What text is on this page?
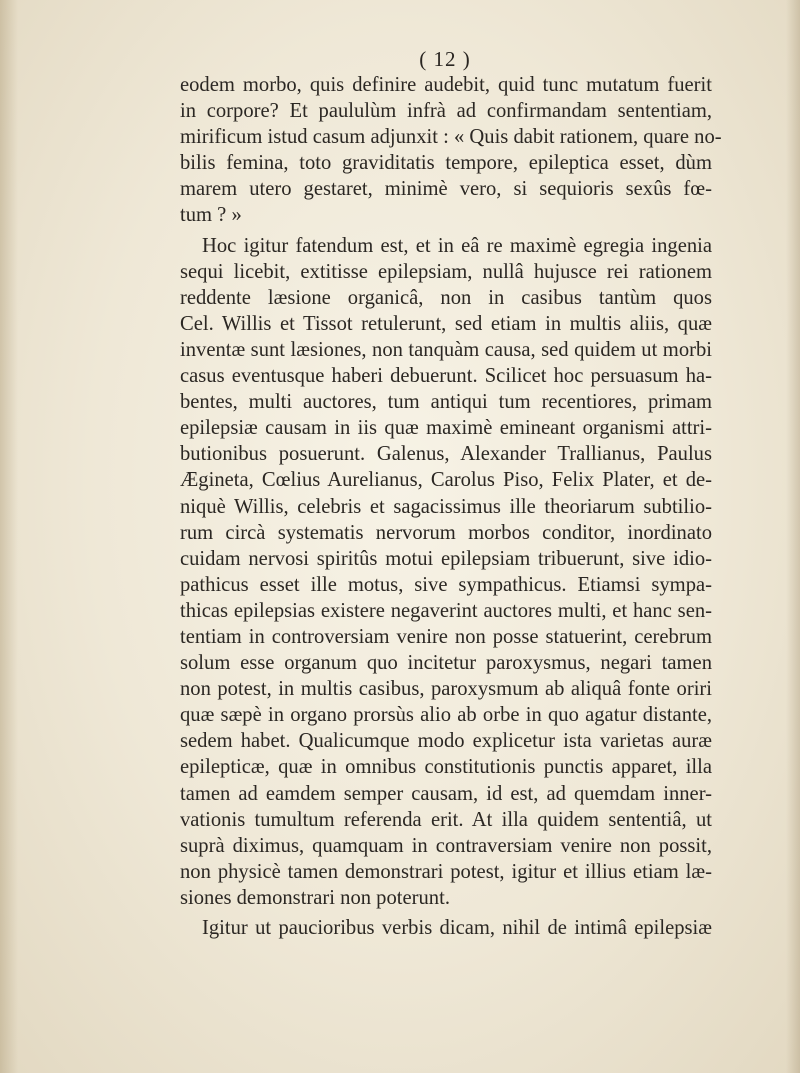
( 12 )
eodem morbo, quis definire audebit, quid tunc mutatum fuerit
in corpore? Et paululùm infrà ad confirmandam sententiam,
mirificum istud casum adjunxit : « Quis dabit rationem, quare no-
bilis femina, toto graviditatis tempore, epileptica esset, dùm
marem utero gestaret, minimè vero, si sequioris sexûs fœ-
tum ? »
Hoc igitur fatendum est, et in eâ re maximè egregia ingenia
sequi licebit, extitisse epilepsiam, nullâ hujusce rei rationem
reddente læsione organicâ, non in casibus tantùm quos
Cel. Willis et Tissot retulerunt, sed etiam in multis aliis, quæ
inventæ sunt læsiones, non tanquàm causa, sed quidem ut morbi
casus eventusque haberi debuerunt. Scilicet hoc persuasum ha-
bentes, multi auctores, tum antiqui tum recentiores, primam
epilepsiæ causam in iis quæ maximè emineant organismi attri-
butionibus posuerunt. Galenus, Alexander Trallianus, Paulus
Ægineta, Cœlius Aurelianus, Carolus Piso, Felix Plater, et de-
niquè Willis, celebris et sagacissimus ille theoriarum subtilio-
rum circà systematis nervorum morbos conditor, inordinato
cuidam nervosi spiritûs motui epilepsiam tribuerunt, sive idio-
pathicus esset ille motus, sive sympathicus. Etiamsi sympa-
thicas epilepsias existere negaverint auctores multi, et hanc sen-
tentiam in controversiam venire non posse statuerint, cerebrum
solum esse organum quo incitetur paroxysmus, negari tamen
non potest, in multis casibus, paroxysmum ab aliquâ fonte oriri
quæ sæpè in organo prorsùs alio ab orbe in quo agatur distante,
sedem habet. Qualicumque modo explicetur ista varietas auræ
epilepticæ, quæ in omnibus constitutionis punctis apparet, illa
tamen ad eamdem semper causam, id est, ad quemdam inner-
vationis tumultum referenda erit. At illa quidem sententiâ, ut
suprà diximus, quamquam in contraversiam venire non possit,
non physicè tamen demonstrari potest, igitur et illius etiam læ-
siones demonstrari non poterunt.
Igitur ut paucioribus verbis dicam, nihil de intimâ epilepsiæ
